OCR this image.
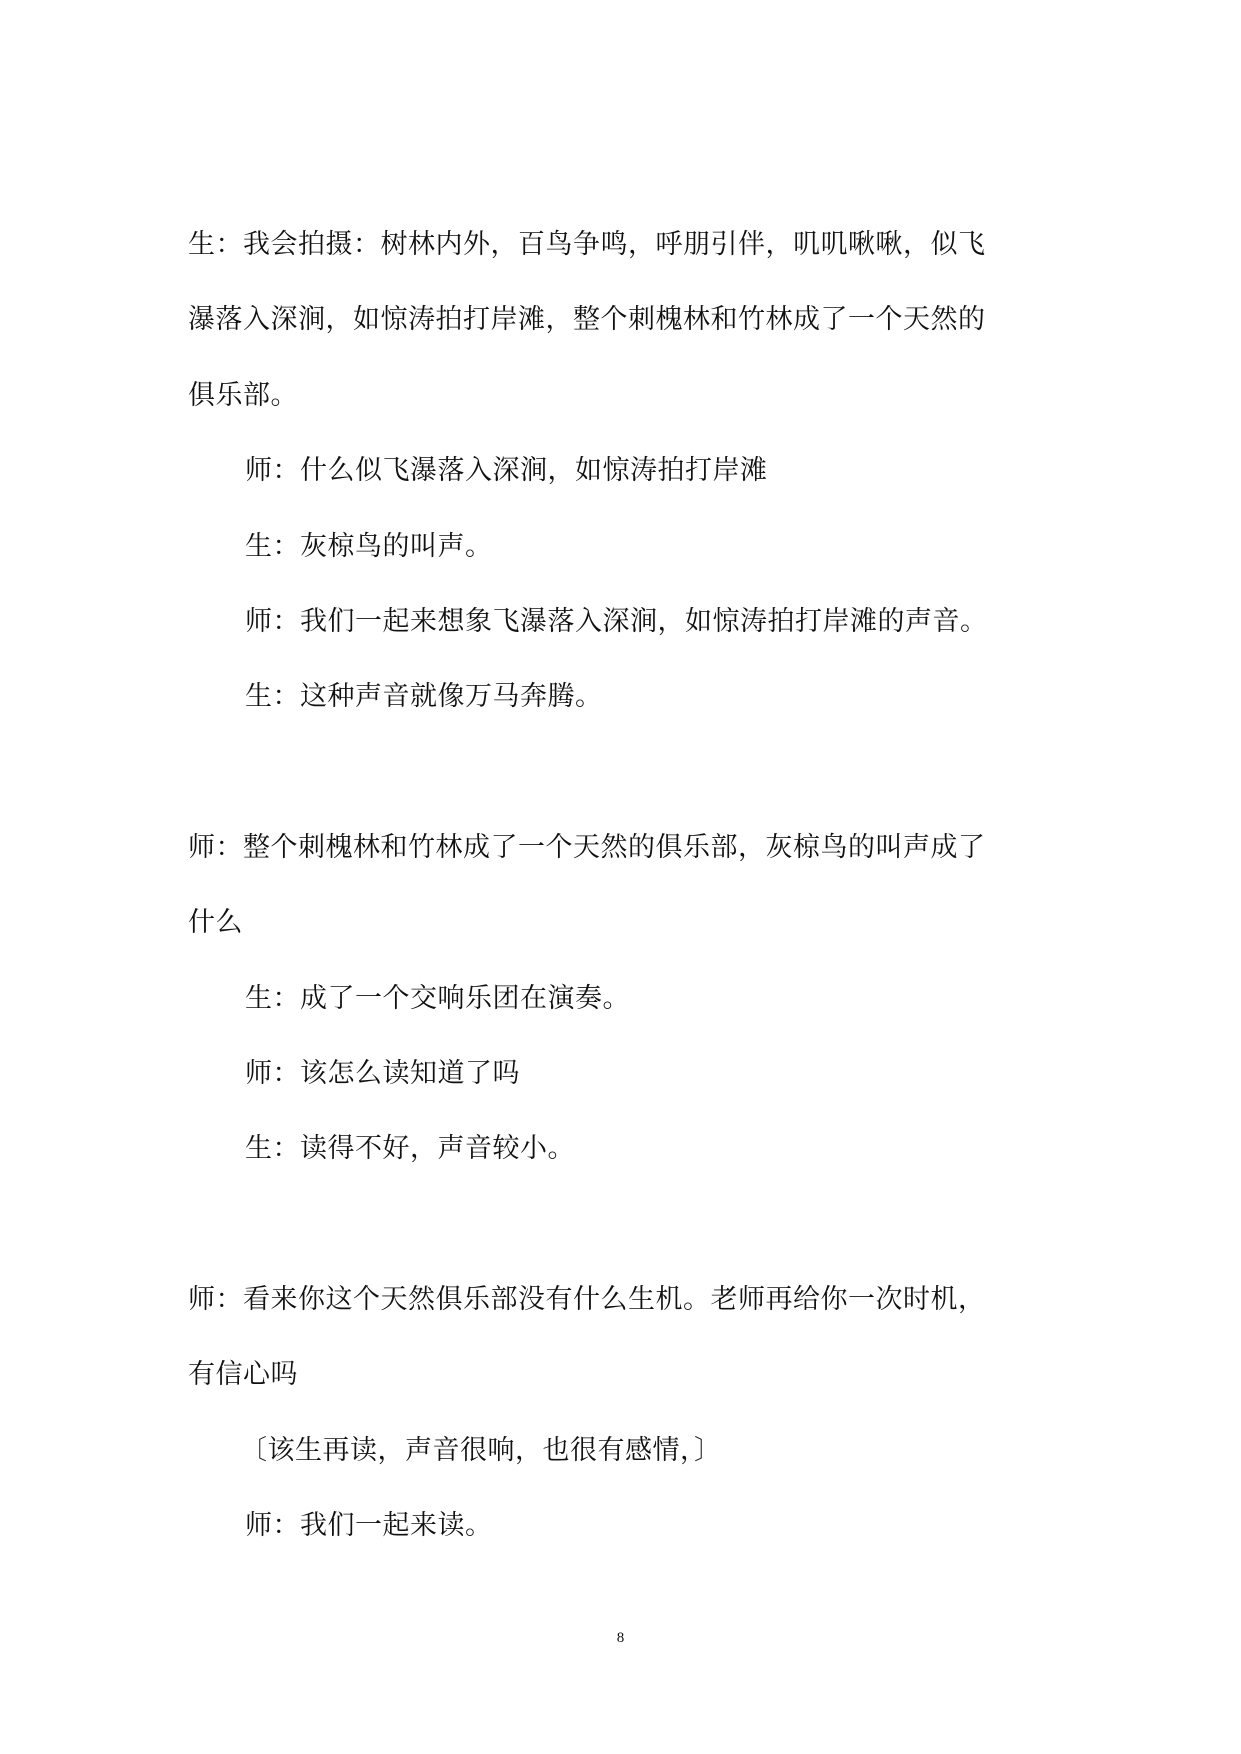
生：我会拍摄：树林内外，百鸟争鸣，呼朋引伴，叽叽啾啾，似飞
瀑落入深涧，如惊涛拍打岸滩，整个刺槐林和竹林成了一个天然的
俱乐部。
师：什么似飞瀑落入深涧，如惊涛拍打岸滩
生：灰椋鸟的叫声。
师：我们一起来想象飞瀑落入深涧，如惊涛拍打岸滩的声音。
生：这种声音就像万马奔腾。
师：整个刺槐林和竹林成了一个天然的俱乐部，灰椋鸟的叫声成了
什么
生：成了一个交响乐团在演奏。
师：该怎么读知道了吗
生：读得不好，声音较小。
师：看来你这个天然俱乐部没有什么生机。老师再给你一次时机，
有信心吗
〔该生再读，声音很响，也很有感情，〕
师：我们一起来读。
8
